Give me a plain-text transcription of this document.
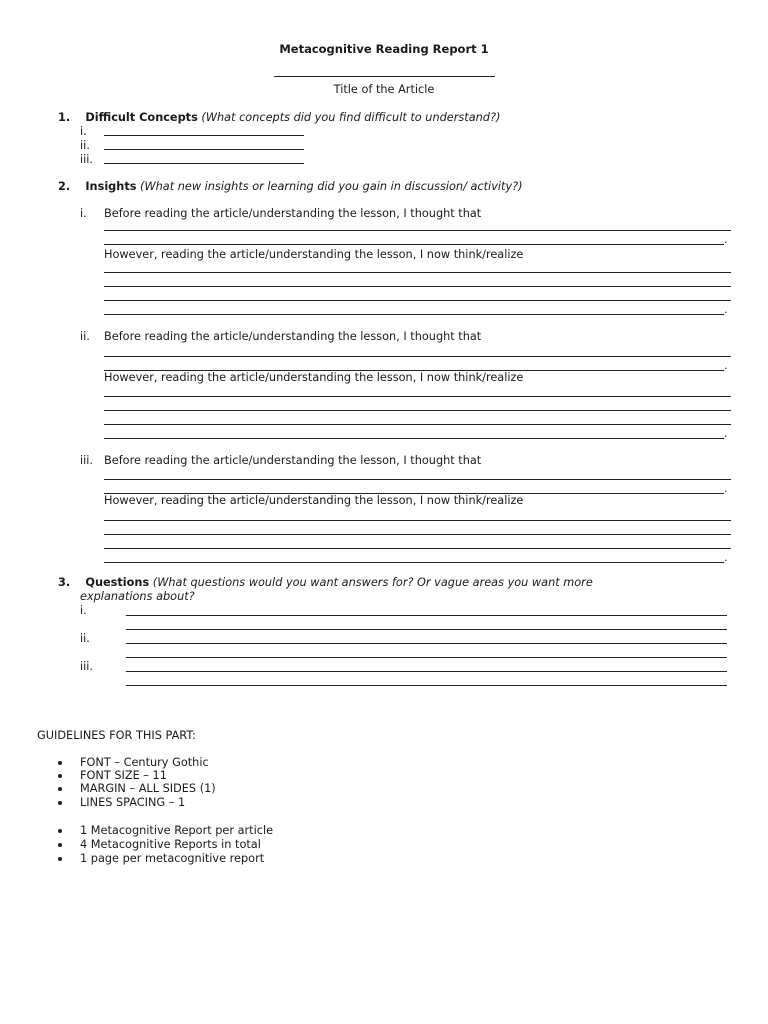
Metacognitive Reading Report 1
Title of the Article
1. Difficult Concepts (What concepts did you find difficult to understand?)
i.
ii.
iii.
2. Insights (What new insights or learning did you gain in discussion/ activity?)
i. Before reading the article/understanding the lesson, I thought that
.
However, reading the article/understanding the lesson, I now think/realize
.
ii. Before reading the article/understanding the lesson, I thought that
.
However, reading the article/understanding the lesson, I now think/realize
.
iii. Before reading the article/understanding the lesson, I thought that
.
However, reading the article/understanding the lesson, I now think/realize
.
3. Questions (What questions would you want answers for? Or vague areas you want more
explanations about?
i.
ii.
iii.
GUIDELINES FOR THIS PART:
FONT – Century Gothic
FONT SIZE – 11
MARGIN – ALL SIDES (1)
LINES SPACING – 1
1 Metacognitive Report per article
4 Metacognitive Reports in total
1 page per metacognitive report
